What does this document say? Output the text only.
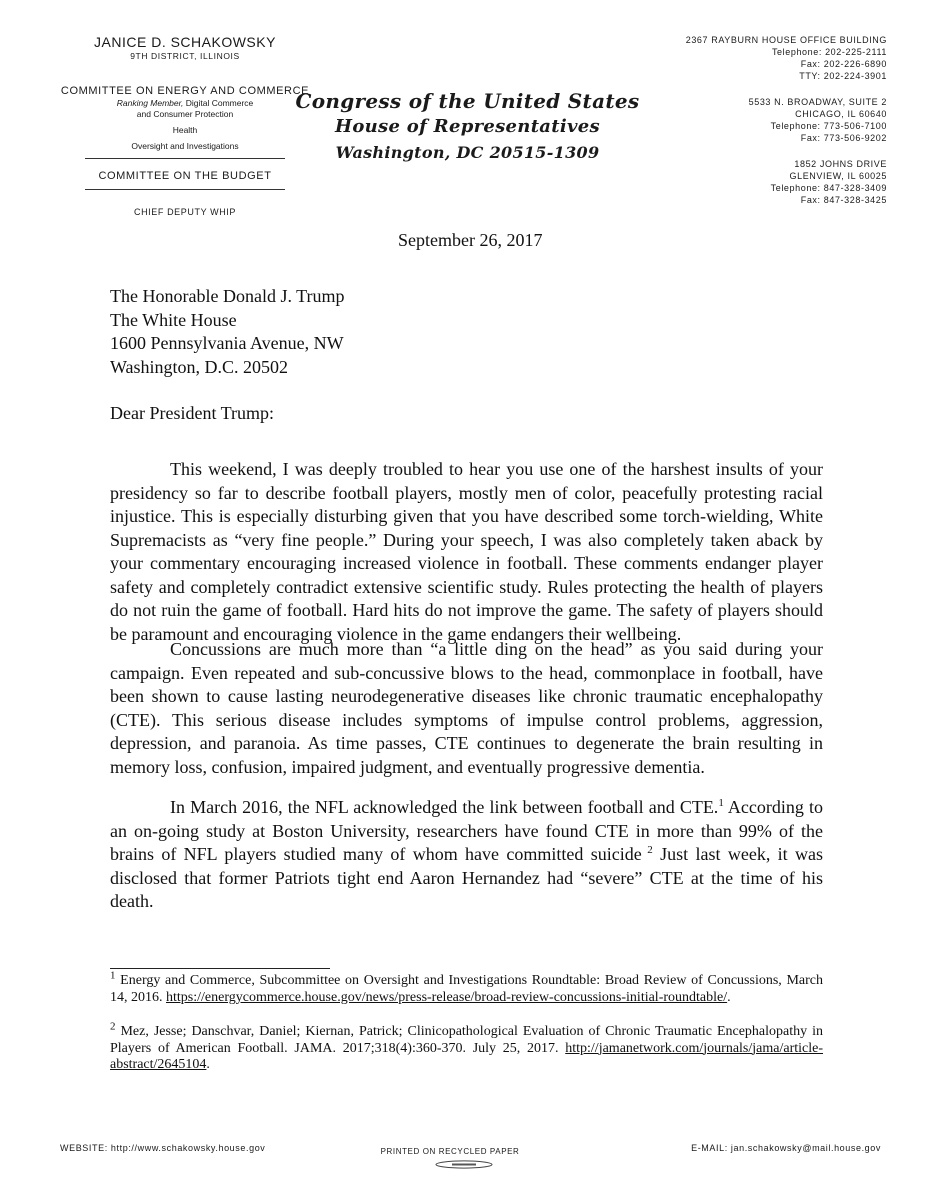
JANICE D. SCHAKOWSKY
9TH DISTRICT, ILLINOIS
COMMITTEE ON ENERGY AND COMMERCE
Ranking Member, Digital Commerce
and Consumer Protection
Health
Oversight and Investigations
COMMITTEE ON THE BUDGET
CHIEF DEPUTY WHIP
Congress of the United States
House of Representatives
Washington, DC 20515-1309
2367 RAYBURN HOUSE OFFICE BUILDING
Telephone: 202-225-2111
Fax: 202-226-6890
TTY: 202-224-3901
5533 N. BROADWAY, SUITE 2
CHICAGO, IL 60640
Telephone: 773-506-7100
Fax: 773-506-9202
1852 JOHNS DRIVE
GLENVIEW, IL 60025
Telephone: 847-328-3409
Fax: 847-328-3425
September 26, 2017
The Honorable Donald J. Trump
The White House
1600 Pennsylvania Avenue, NW
Washington, D.C. 20502
Dear President Trump:
This weekend, I was deeply troubled to hear you use one of the harshest insults of your presidency so far to describe football players, mostly men of color, peacefully protesting racial injustice. This is especially disturbing given that you have described some torch-wielding, White Supremacists as “very fine people.” During your speech, I was also completely taken aback by your commentary encouraging increased violence in football. These comments endanger player safety and completely contradict extensive scientific study. Rules protecting the health of players do not ruin the game of football. Hard hits do not improve the game. The safety of players should be paramount and encouraging violence in the game endangers their wellbeing.
Concussions are much more than “a little ding on the head” as you said during your campaign. Even repeated and sub-concussive blows to the head, commonplace in football, have been shown to cause lasting neurodegenerative diseases like chronic traumatic encephalopathy (CTE). This serious disease includes symptoms of impulse control problems, aggression, depression, and paranoia. As time passes, CTE continues to degenerate the brain resulting in memory loss, confusion, impaired judgment, and eventually progressive dementia.
In March 2016, the NFL acknowledged the link between football and CTE.$^1$ According to an on-going study at Boston University, researchers have found CTE in more than 99% of the brains of NFL players studied many of whom have committed suicide $^2$ Just last week, it was disclosed that former Patriots tight end Aaron Hernandez had “severe” CTE at the time of his death.
$^1$ Energy and Commerce, Subcommittee on Oversight and Investigations Roundtable: Broad Review of Concussions, March 14, 2016. https://energycommerce.house.gov/news/press-release/broad-review-concussions-initial-roundtable/.
$^2$ Mez, Jesse; Danschvar, Daniel; Kiernan, Patrick; Clinicopathological Evaluation of Chronic Traumatic Encephalopathy in Players of American Football. JAMA. 2017;318(4):360-370. July 25, 2017. http://jamanetwork.com/journals/jama/article-abstract/2645104.
WEBSITE: http://www.schakowsky.house.gov	PRINTED ON RECYCLED PAPER	E-MAIL: jan.schakowsky@mail.house.gov
